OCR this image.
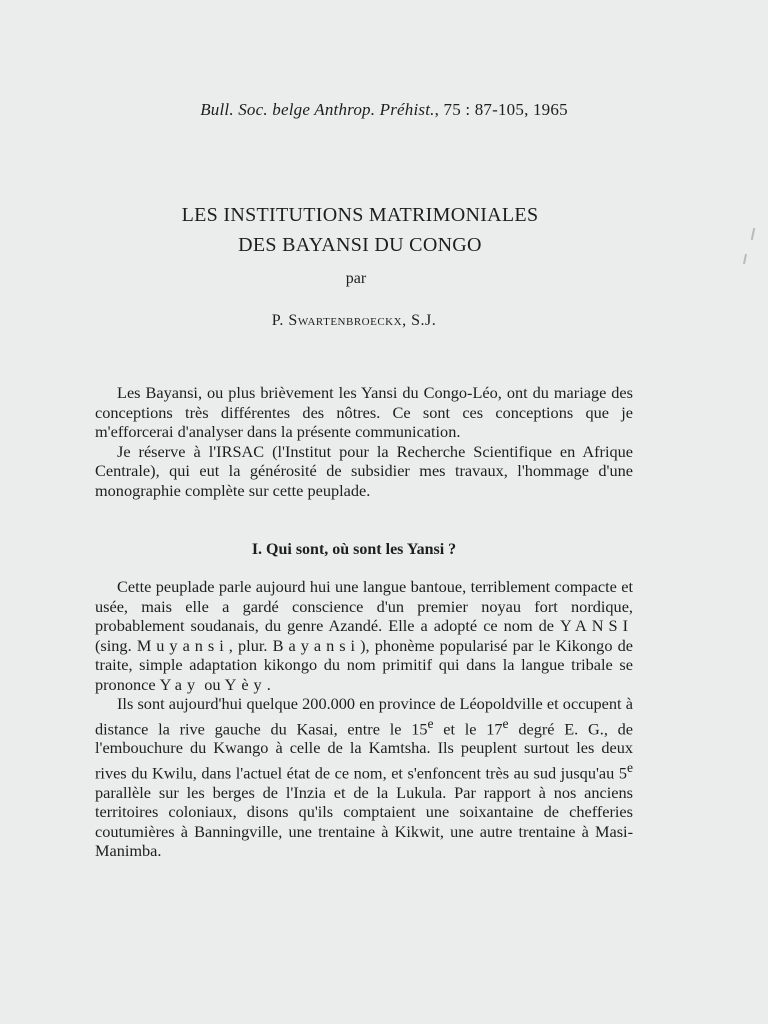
Bull. Soc. belge Anthrop. Préhist., 75 : 87-105, 1965
LES INSTITUTIONS MATRIMONIALES
DES BAYANSI DU CONGO
par
P. Swartenbroeckx, S.J.

Les Bayansi, ou plus brièvement les Yansi du Congo-Léo, ont du mariage des conceptions très différentes des nôtres. Ce sont ces conceptions que je m'efforcerai d'analyser dans la présente communication.

Je réserve à l'IRSAC (l'Institut pour la Recherche Scientifique en Afrique Centrale), qui eut la générosité de subsidier mes travaux, l'hommage d'une monographie complète sur cette peuplade.

I. Qui sont, où sont les Yansi ?

Cette peuplade parle aujourd hui une langue bantoue, terriblement compacte et usée, mais elle a gardé conscience d'un premier noyau fort nordique, probablement soudanais, du genre Azandé. Elle a adopté ce nom de YANSI (sing. Muyansi, plur. Bayansi), phonème popularisé par le Kikongo de traite, simple adaptation kikongo du nom primitif qui dans la langue tribale se prononce Yay ou Yèy.

Ils sont aujourd'hui quelque 200.000 en province de Léopoldville et occupent à distance la rive gauche du Kasai, entre le 15e et le 17e degré E. G., de l'embouchure du Kwango à celle de la Kamtsha. Ils peuplent surtout les deux rives du Kwilu, dans l'actuel état de ce nom, et s'enfoncent très au sud jusqu'au 5e parallèle sur les berges de l'Inzia et de la Lukula. Par rapport à nos anciens territoires coloniaux, disons qu'ils comptaient une soixantaine de chefferies coutumières à Banningville, une trentaine à Kikwit, une autre trentaine à Masi-Manimba.
